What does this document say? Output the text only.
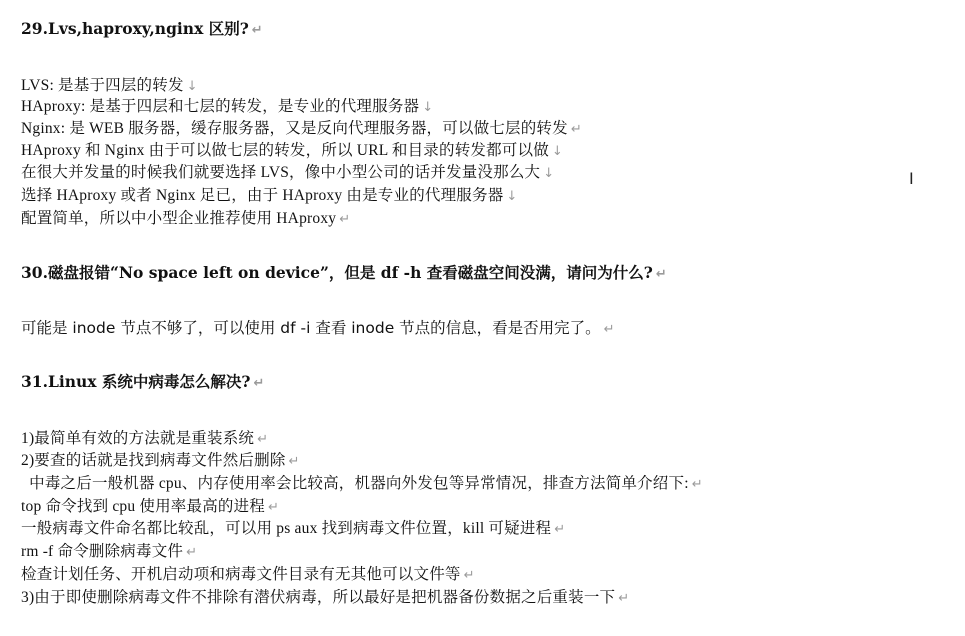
29.Lvs,haproxy,nginx 区别? ↵
LVS: 是基于四层的转发 ↓
HAproxy: 是基于四层和七层的转发，是专业的代理服务器 ↓
Nginx: 是 WEB 服务器，缓存服务器，又是反向代理服务器，可以做七层的转发 ↵
HAproxy 和 Nginx 由于可以做七层的转发，所以 URL 和目录的转发都可以做 ↓
在很大并发量的时候我们就要选择 LVS，像中小型公司的话并发量没那么大 ↓
选择 HAproxy 或者 Nginx 足已，由于 HAproxy 由是专业的代理服务器 ↓
配置简单，所以中小型企业推荐使用 HAproxy ↵
30.磁盘报错“No space left on device”，但是 df -h 查看磁盘空间没满，请问为什么? ↵
可能是 inode 节点不够了，可以使用 df -i 查看 inode 节点的信息，看是否用完了。 ↵
31.Linux 系统中病毒怎么解决? ↵
1)最简单有效的方法就是重装系统 ↵
2)要查的话就是找到病毒文件然后删除 ↵
中毒之后一般机器 cpu、内存使用率会比较高，机器向外发包等异常情况，排查方法简单介绍下: ↵
top 命令找到 cpu 使用率最高的进程 ↵
一般病毒文件命名都比较乱，可以用 ps aux 找到病毒文件位置，kill 可疑进程 ↵
rm -f 命令删除病毒文件 ↵
检查计划任务、开机启动项和病毒文件目录有无其他可以文件等 ↵
3)由于即使删除病毒文件不排除有潜伏病毒，所以最好是把机器备份数据之后重装一下 ↵
I
